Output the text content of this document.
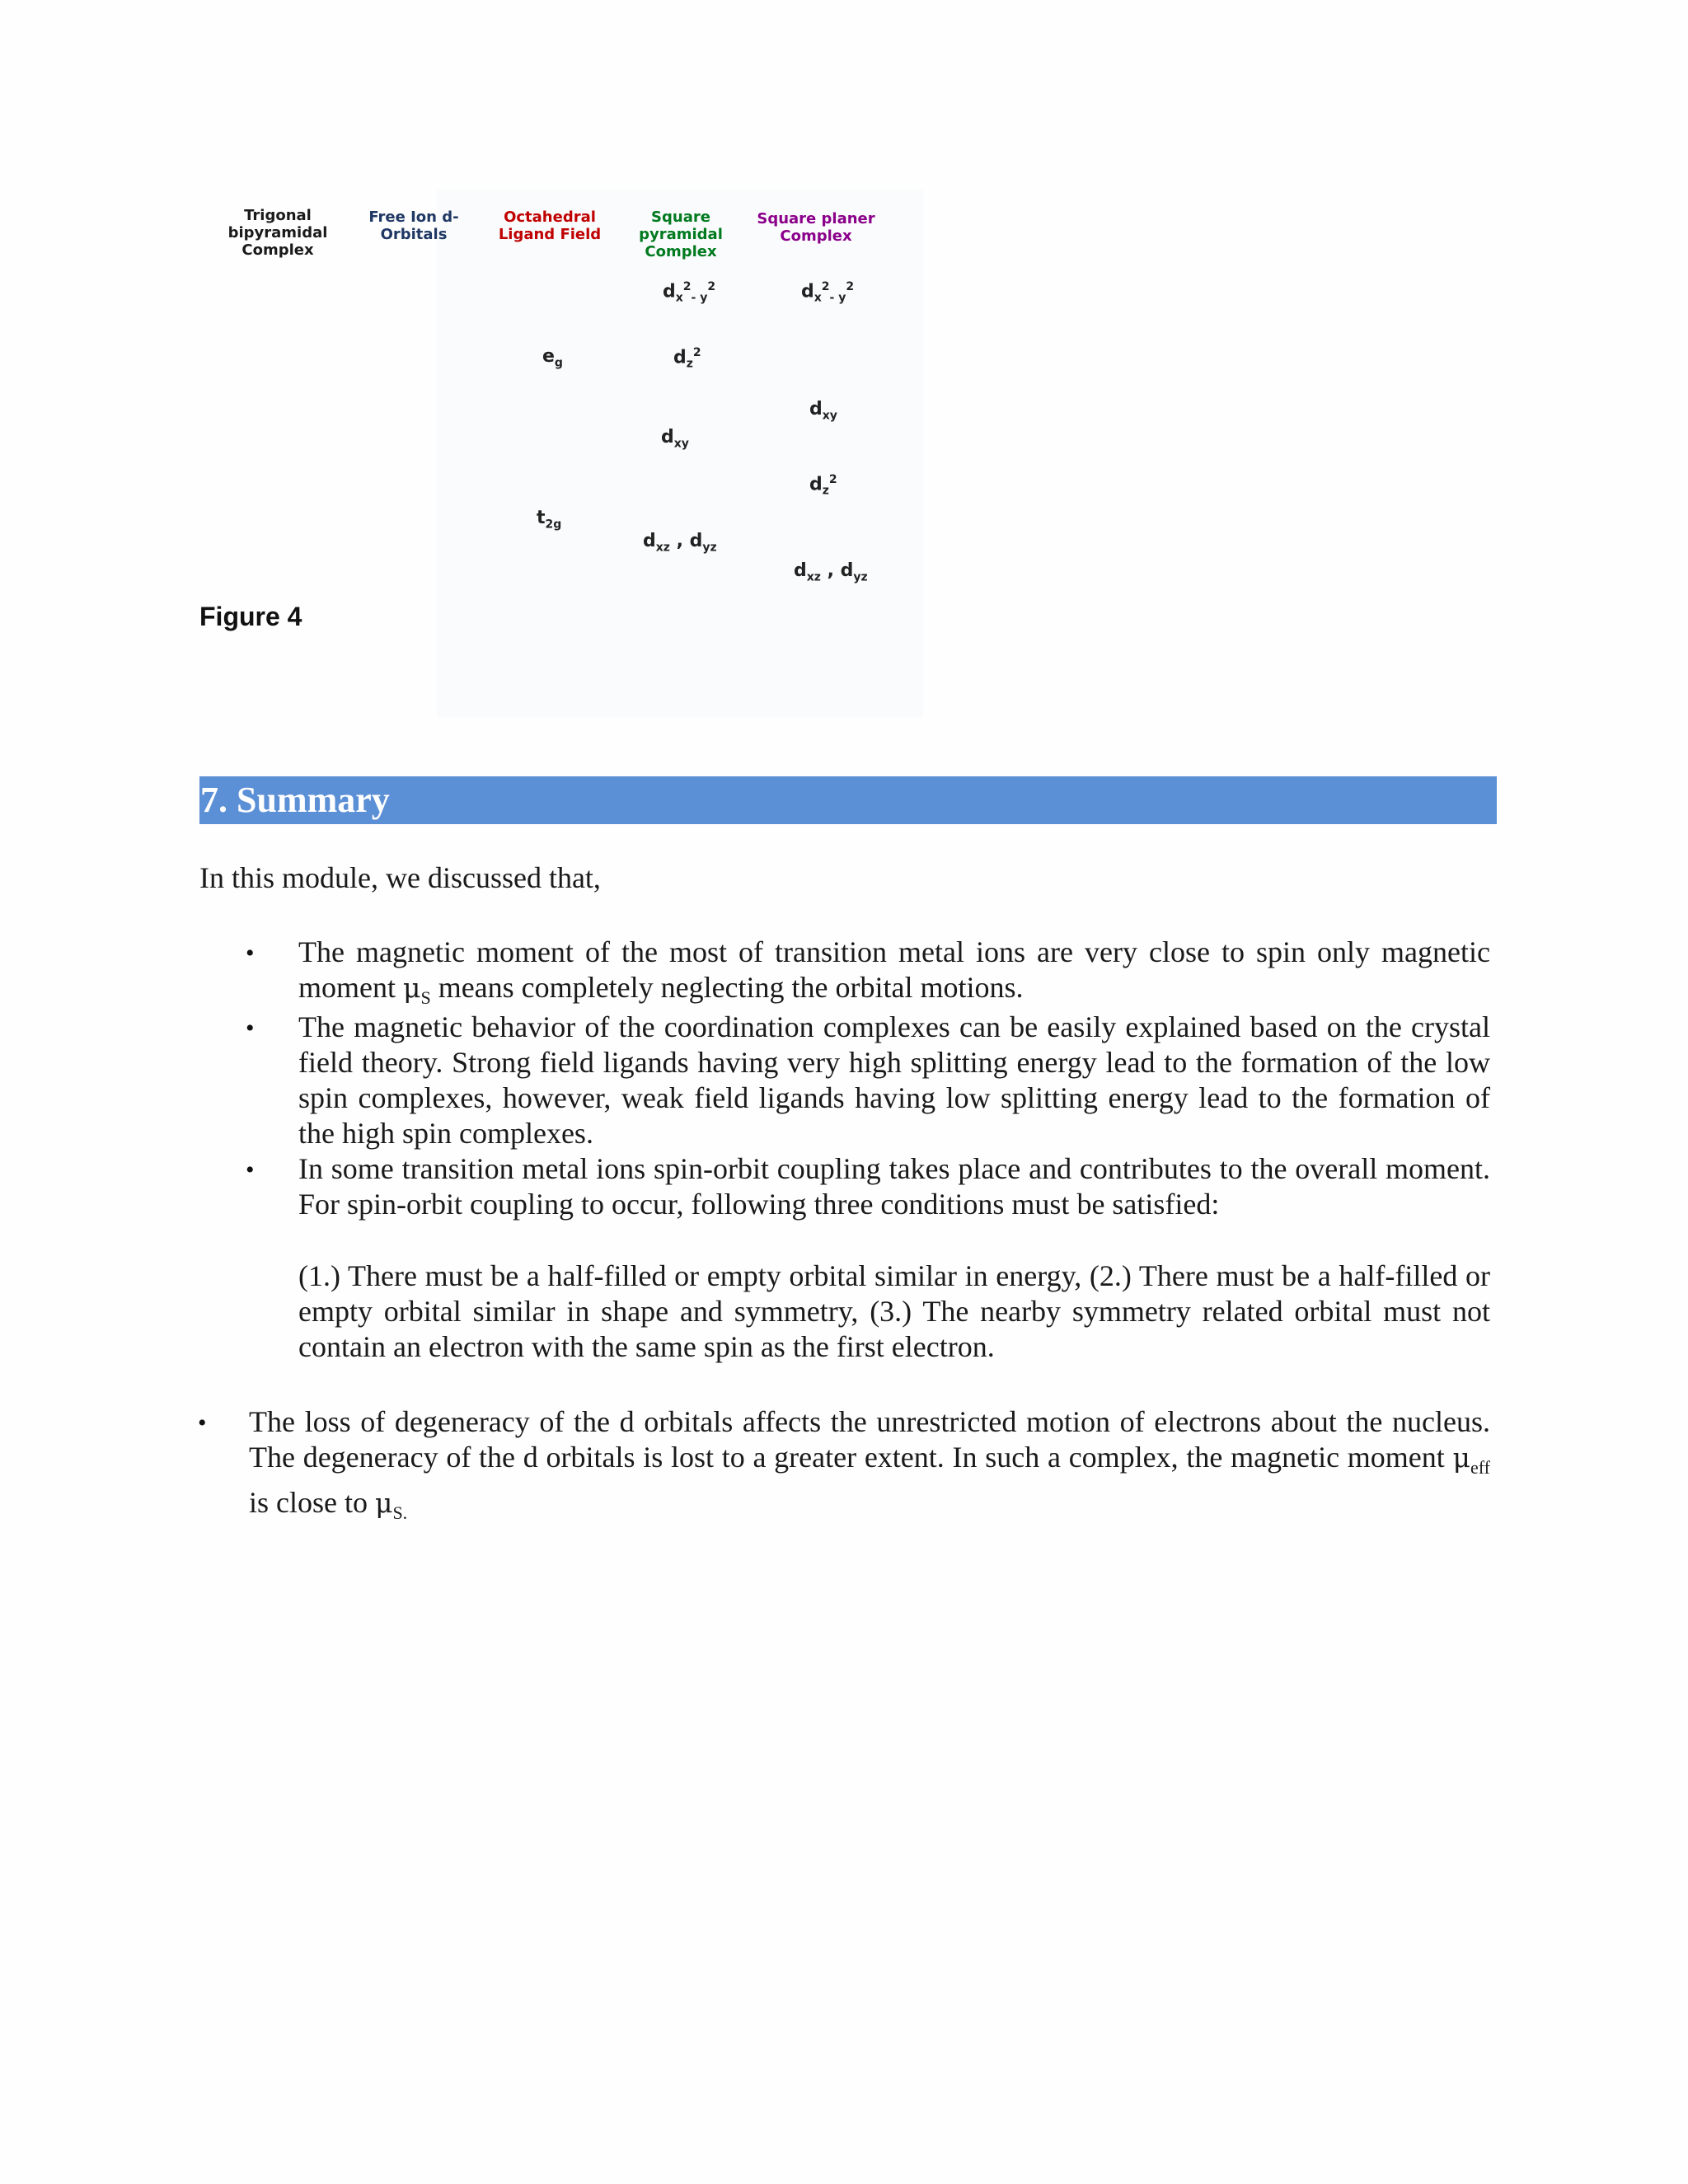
Trigonal
bipyramidal
Complex
Free Ion d-
Orbitals
Octahedral
Ligand Field
Square
pyramidal
Complex
Square planer
Complex
$e_g$
$t_{2g}$
$d_x^2_{- y}^2$
$d_z^2$
$d_{xy}$
$d_{xz}$ , $d_{yz}$
$d_x^2_{- y}^2$
$d_{xy}$
$d_z^2$
$d_{xz}$ , $d_{yz}$
Figure 4
7. Summary
In this module, we discussed that,
• The magnetic moment of the most of transition metal ions are very close to spin only magnetic moment $\mu_S$ means completely neglecting the orbital motions.
• The magnetic behavior of the coordination complexes can be easily explained based on the crystal field theory. Strong field ligands having very high splitting energy lead to the formation of the low spin complexes, however, weak field ligands having low splitting energy lead to the formation of the high spin complexes.
• In some transition metal ions spin-orbit coupling takes place and contributes to the overall moment. For spin-orbit coupling to occur, following three conditions must be satisfied:
(1.) There must be a half-filled or empty orbital similar in energy, (2.) There must be a half-filled or empty orbital similar in shape and symmetry, (3.) The nearby symmetry related orbital must not contain an electron with the same spin as the first electron.
• The loss of degeneracy of the d orbitals affects the unrestricted motion of electrons about the nucleus. The degeneracy of the d orbitals is lost to a greater extent. In such a complex, the magnetic moment $\mu_{eff}$ is close to $\mu_{S.}$
